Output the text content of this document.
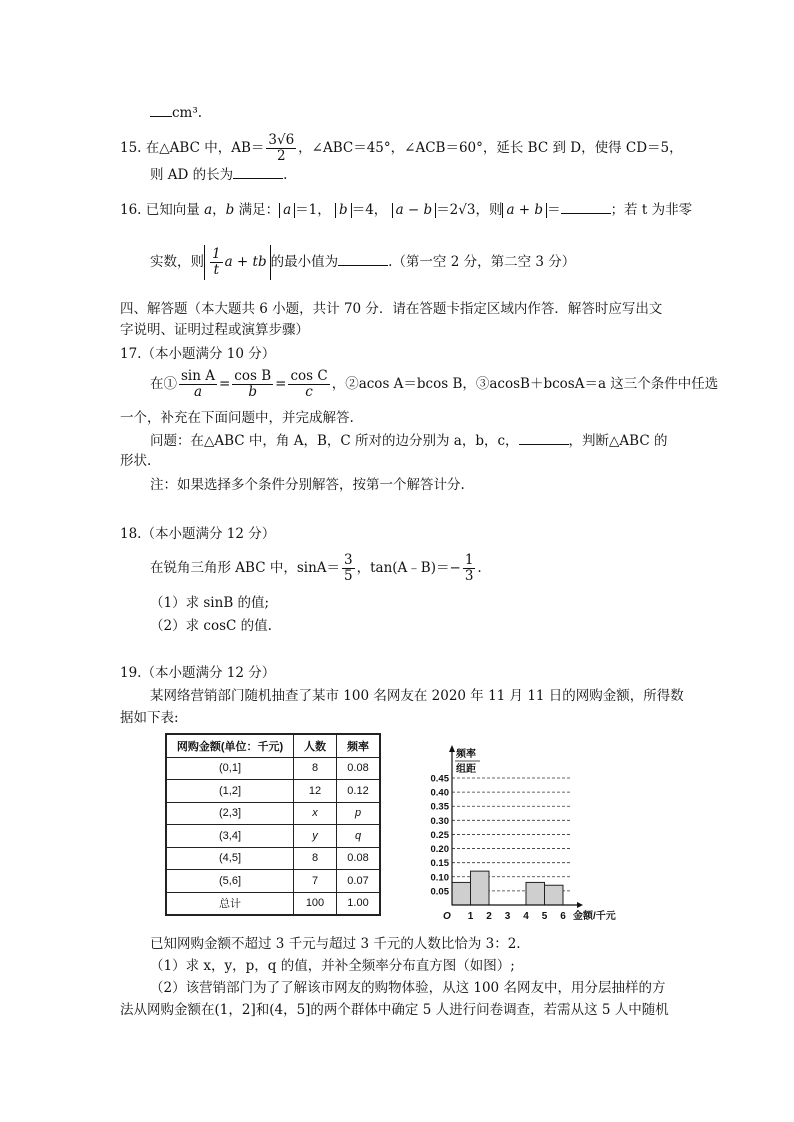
cm³.
15. 在△ABC 中，$AB= \frac{3√6}{2}$ ，∠ABC＝45°，∠ACB＝60°，延长 BC 到 D，使得 CD＝5，
则 AD 的长为	.
16. 已知向量 a，b 满足： a ＝1， b ＝4， a − b ＝2√3，则 a + b ＝	；若 t 为非零
实数，则 $\frac{1}{t}$ a + tb 的最小值为	.（第一空 2 分，第二空 3 分）
四、解答题（本大题共 6 小题，共计 70 分．请在答题卡指定区域内作答．解答时应写出文
字说明、证明过程或演算步骤）
17.（本小题满分 10 分）
在① $\frac{\text{sin A}}{a} = \frac{\text{cos B}}{b} = \frac{\text{cos C}}{c}$ ，②acos A＝bcos B，③acosB＋bcosA＝a 这三个条件中任选
一个，补充在下面问题中，并完成解答.
问题：在△ABC 中，角 A，B，C 所对的边分别为 a，b，c，	，判断△ABC 的
形状.
注：如果选择多个条件分别解答，按第一个解答计分.
18.（本小题满分 12 分）
在锐角三角形 ABC 中，$\sin A= \frac{3}{5}$ ，tan(A﹣B)＝− $\frac{1}{3}$ .
（1）求 sinB 的值;
（2）求 cosC 的值.
19.（本小题满分 12 分）
某网络营销部门随机抽查了某市 100 名网友在 2020 年 11 月 11 日的网购金额，所得数
据如下表:
网购金额(单位：千元)	人数	频率
(0,1]	8	0.08
(1,2]	12	0.12
(2,3]	x	p
(3,4]	y	q
(4,5]	8	0.08
(5,6]	7	0.07
总计	100	1.00
0.05
0.10
0.15
0.20
0.25
0.30
0.35
0.40
0.45
频率
组距
O 1 2 3 4 5 6 金额/千元
已知网购金额不超过 3 千元与超过 3 千元的人数比恰为 3：2.
（1）求 x，y，p，q 的值，并补全频率分布直方图（如图）;
（2）该营销部门为了了解该市网友的购物体验，从这 100 名网友中，用分层抽样的方
法从网购金额在(1，2]和(4，5]的两个群体中确定 5 人进行问卷调查，若需从这 5 人中随机
